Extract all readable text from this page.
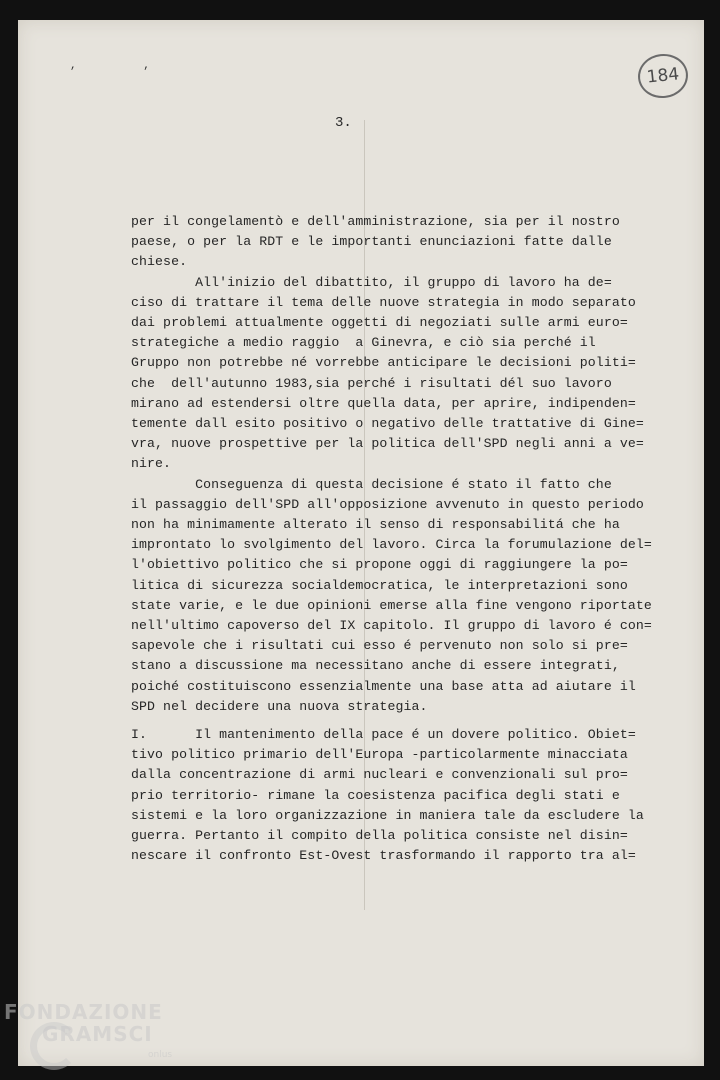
, ,	184
3.
per il congelamentò e dell'amministrazione, sia per il nostro
paese, o per la RDT e le importanti enunciazioni fatte dalle
chiese.
All'inizio del dibattito, il gruppo di lavoro ha de=
ciso di trattare il tema delle nuove strategia in modo separato
dai problemi attualmente oggetti di negoziati sulle armi euro=
strategiche a medio raggio  a Ginevra, e ciò sia perché il
Gruppo non potrebbe né vorrebbe anticipare le decisioni politi=
che  dell'autunno 1983,sia perché i risultati dél suo lavoro
mirano ad estendersi oltre quella data, per aprire, indipenden=
temente dall esito positivo o negativo delle trattative di Gine=
vra, nuove prospettive per la politica dell'SPD negli anni a ve=
nire.
Conseguenza di questa decisione é stato il fatto che
il passaggio dell'SPD all'opposizione avvenuto in questo periodo
non ha minimamente alterato il senso di responsabilitá che ha
improntato lo svolgimento del lavoro. Circa la forumulazione del=
l'obiettivo politico che si propone oggi di raggiungere la po=
litica di sicurezza socialdemocratica, le interpretazioni sono
state varie, e le due opinioni emerse alla fine vengono riportate
nell'ultimo capoverso del IX capitolo. Il gruppo di lavoro é con=
sapevole che i risultati cui esso é pervenuto non solo si pre=
stano a discussione ma necessitano anche di essere integrati,
poiché costituiscono essenzialmente una base atta ad aiutare il
SPD nel decidere una nuova strategia.
I.      Il mantenimento della pace é un dovere politico. Obiet=
tivo politico primario dell'Europa -particolarmente minacciata
dalla concentrazione di armi nucleari e convenzionali sul pro=
prio territorio- rimane la coesistenza pacifica degli stati e
sistemi e la loro organizzazione in maniera tale da escludere la
guerra. Pertanto il compito della politica consiste nel disin=
nescare il confronto Est-Ovest trasformando il rapporto tra al=
FONDAZIONE
GRAMSCI
onlus
